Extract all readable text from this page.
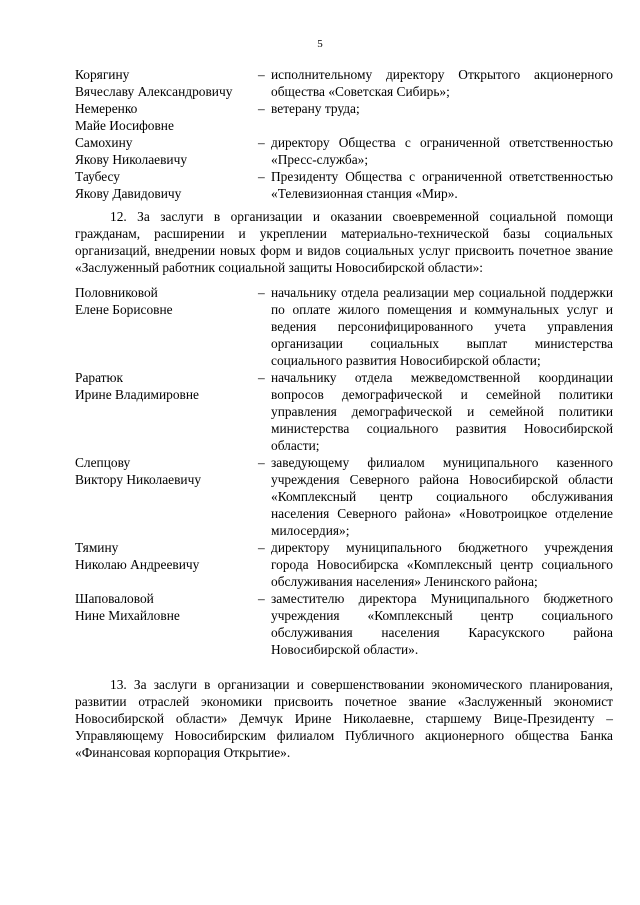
5
Корягину
Вячеславу Александровичу
– исполнительному директору Открытого акционерного общества «Советская Сибирь»;
Немеренко
Майе Иосифовне
– ветерану труда;
Самохину
Якову Николаевичу
– директору Общества с ограниченной ответственностью «Пресс-служба»;
Таубесу
Якову Давидовичу
– Президенту Общества с ограниченной ответственностью «Телевизионная станция «Мир».

12. За заслуги в организации и оказании своевременной социальной помощи гражданам, расширении и укреплении материально-технической базы социальных организаций, внедрении новых форм и видов социальных услуг присвоить почетное звание «Заслуженный работник социальной защиты Новосибирской области»:

Половниковой
Елене Борисовне
– начальнику отдела реализации мер социальной поддержки по оплате жилого помещения и коммунальных услуг и ведения персонифицированного учета управления организации социальных выплат министерства социального развития Новосибирской области;
Раратюк
Ирине Владимировне
– начальнику отдела межведомственной координации вопросов демографической и семейной политики управления демографической и семейной политики министерства социального развития Новосибирской области;
Слепцову
Виктору Николаевичу
– заведующему филиалом муниципального казенного учреждения Северного района Новосибирской области «Комплексный центр социального обслуживания населения Северного района» «Новотроицкое отделение милосердия»;
Тямину
Николаю Андреевичу
– директору муниципального бюджетного учреждения города Новосибирска «Комплексный центр социального обслуживания населения» Ленинского района;
Шаповаловой
Нине Михайловне
– заместителю директора Муниципального бюджетного учреждения «Комплексный центр социального обслуживания населения Карасукского района Новосибирской области».

13. За заслуги в организации и совершенствовании экономического планирования, развитии отраслей экономики присвоить почетное звание «Заслуженный экономист Новосибирской области» Демчук Ирине Николаевне, старшему Вице-Президенту – Управляющему Новосибирским филиалом Публичного акционерного общества Банка «Финансовая корпорация Открытие».
